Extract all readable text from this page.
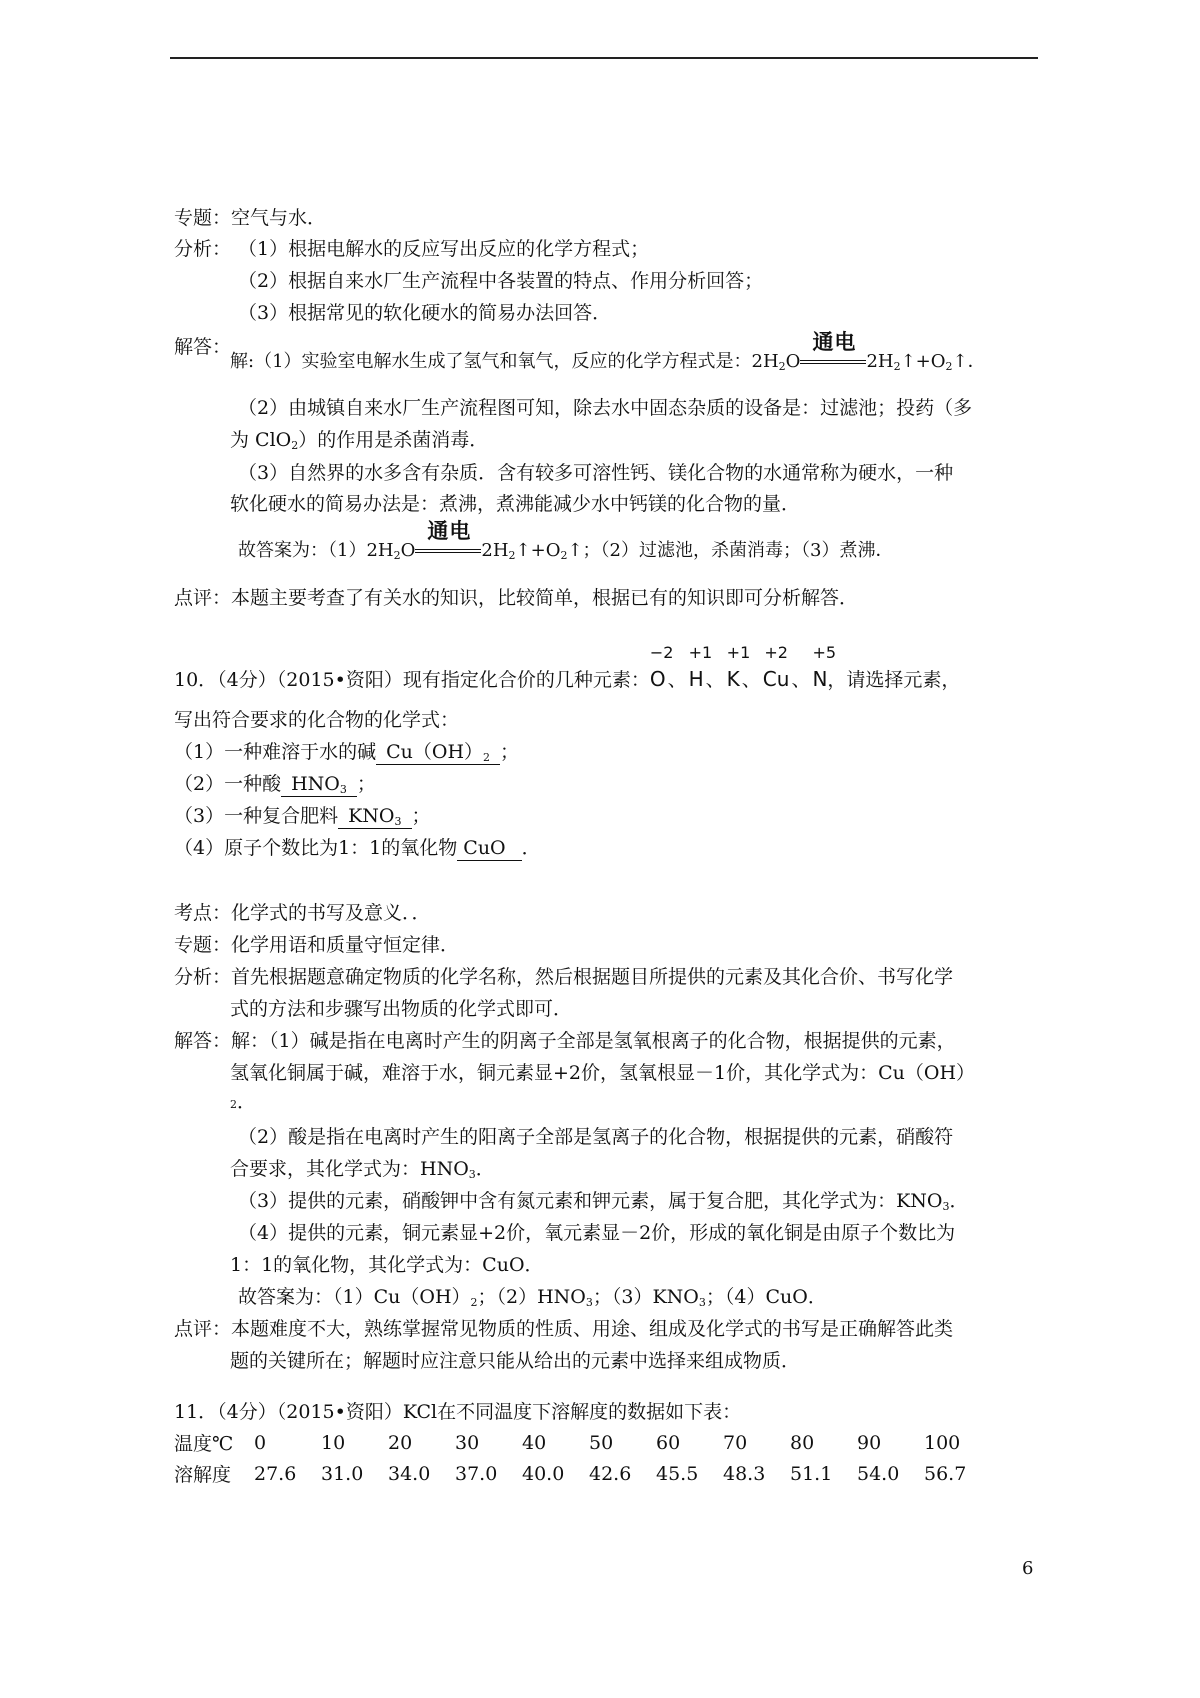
专题：空气与水．
分析： （1）根据电解水的反应写出反应的化学方程式；
（2）根据自来水厂生产流程中各装置的特点、作用分析回答；
（3）根据常见的软化硬水的简易办法回答．
解答：
解:（1）实验室电解水生成了氢气和氧气，反应的化学方程式是：$2H_2O$
通电
$2H_2↑+O_2↑$．
（2）由城镇自来水厂生产流程图可知，除去水中固态杂质的设备是：过滤池；投药（多
为 ClO$_2$）的作用是杀菌消毒．
（3）自然界的水多含有杂质．含有较多可溶性钙、镁化合物的水通常称为硬水，一种
软化硬水的简易办法是：煮沸，煮沸能减少水中钙镁的化合物的量．
故答案为：$(1)2H_2O$
通电
$2H_2↑+O_2↑$；（2）过滤池，杀菌消毒；（3）煮沸．
点评：本题主要考查了有关水的知识，比较简单，根据已有的知识即可分析解答．
10．（4分）（2015•资阳）现有指定化合价的几种元素：
−2
O 、
+1
H 、
+1
K 、
+2
Cu 、
+5
N，请选择元素，
写出符合要求的化合物的化学式：
（1）一种难溶于水的碱 $Cu(OH)_2$ ；
（2）一种酸 $HNO_3$ ；
（3）一种复合肥料 $KNO_3$ ；
（4）原子个数比为1：1的氧化物 CuO ．
考点：化学式的书写及意义．．
专题：化学用语和质量守恒定律．
分析：首先根据题意确定物质的化学名称，然后根据题目所提供的元素及其化合价、书写化学
式的方法和步骤写出物质的化学式即可．
解答：解：（1）碱是指在电离时产生的阴离子全部是氢氧根离子的化合物，根据提供的元素，
氢氧化铜属于碱，难溶于水，铜元素显+2价，氢氧根显－1价，其化学式为：Cu（OH）
2．
（2）酸是指在电离时产生的阳离子全部是氢离子的化合物，根据提供的元素，硝酸符
合要求，其化学式为：$HNO_3$．
（3）提供的元素，硝酸钾中含有氮元素和钾元素，属于复合肥，其化学式为：$KNO_3$．
（4）提供的元素，铜元素显+2价，氧元素显－2价，形成的氧化铜是由原子个数比为
1：1的氧化物，其化学式为：CuO．
故答案为：$(1)Cu(OH)_2$；$(2)HNO_3$；$(3)KNO_3$；（4）CuO．
点评：本题难度不大，熟练掌握常见物质的性质、用途、组成及化学式的书写是正确解答此类
题的关键所在；解题时应注意只能从给出的元素中选择来组成物质．
11．（4分）（2015•资阳）KCl在不同温度下溶解度的数据如下表：
温度℃	0	10	20	30	40	50	60	70	80	90	100
溶解度	27.6	31.0	34.0	37.0	40.0	42.6	45.5	48.3	51.1	54.0	56.7
6
